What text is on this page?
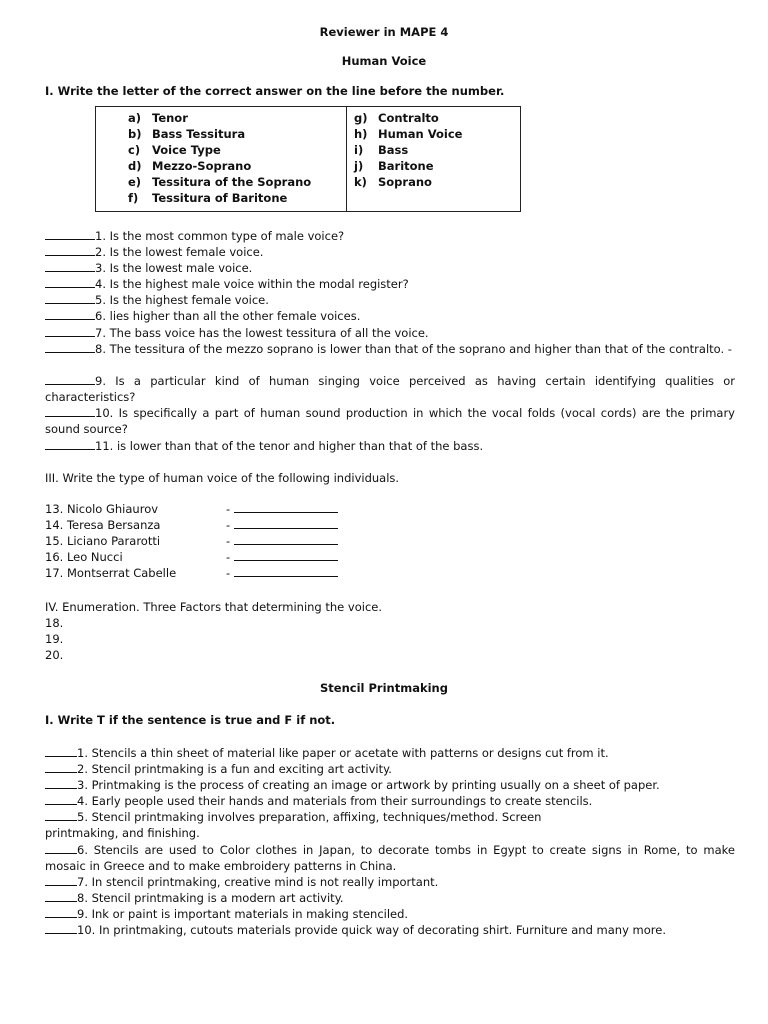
Reviewer in MAPE 4
Human Voice
I. Write the letter of the correct answer on the line before the number.
a) Tenor
b) Bass Tessitura
c) Voice Type
d) Mezzo-Soprano
e) Tessitura of the Soprano
f) Tessitura of Baritone
g) Contralto
h) Human Voice
i) Bass
j) Baritone
k) Soprano
1. Is the most common type of male voice?
2. Is the lowest female voice.
3. Is the lowest male voice.
4. Is the highest male voice within the modal register?
5. Is the highest female voice.
6. lies higher than all the other female voices.
7. The bass voice has the lowest tessitura of all the voice.
8. The tessitura of the mezzo soprano is lower than that of the soprano and higher than that of the contralto. -
9. Is a particular kind of human singing voice perceived as having certain identifying qualities or characteristics?
10. Is specifically a part of human sound production in which the vocal folds (vocal cords) are the primary sound source?
11. is lower than that of the tenor and higher than that of the bass.
III. Write the type of human voice of the following individuals.
13. Nicolo Ghiaurov	-
14. Teresa Bersanza	-
15. Liciano Pararotti	-
16. Leo Nucci	-
17. Montserrat Cabelle	-
IV. Enumeration. Three Factors that determining the voice.
18.
19.
20.
Stencil Printmaking
I. Write T if the sentence is true and F if not.
1. Stencils a thin sheet of material like paper or acetate with patterns or designs cut from it.
2. Stencil printmaking is a fun and exciting art activity.
3. Printmaking is the process of creating an image or artwork by printing usually on a sheet of paper.
4. Early people used their hands and materials from their surroundings to create stencils.
5. Stencil printmaking involves preparation, affixing, techniques/method. Screen printmaking, and finishing.
6. Stencils are used to Color clothes in Japan, to decorate tombs in Egypt to create signs in Rome, to make mosaic in Greece and to make embroidery patterns in China.
7. In stencil printmaking, creative mind is not really important.
8. Stencil printmaking is a modern art activity.
9. Ink or paint is important materials in making stenciled.
10. In printmaking, cutouts materials provide quick way of decorating shirt. Furniture and many more.
